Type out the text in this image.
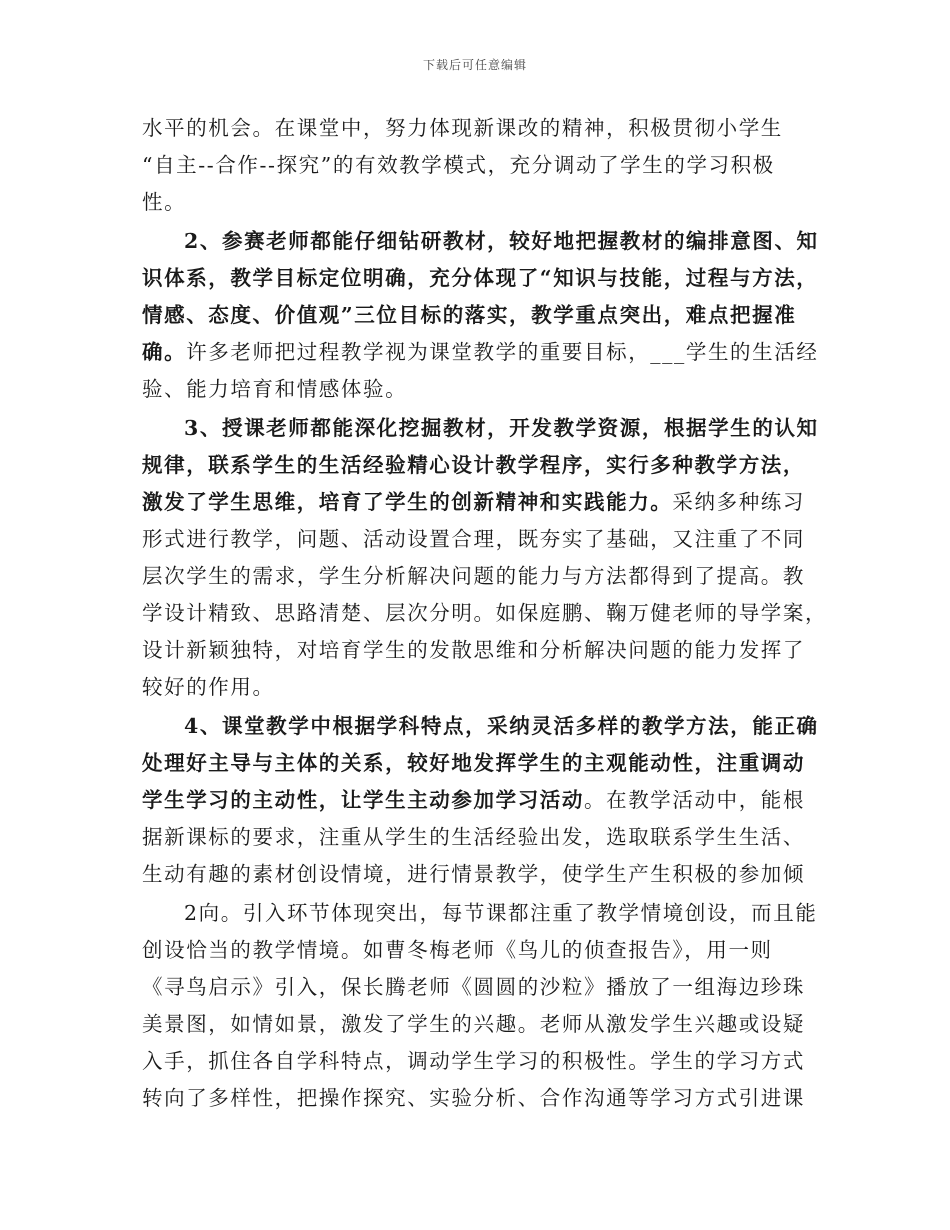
下载后可任意编辑
水平的机会。在课堂中，努力体现新课改的精神，积极贯彻小学生
“自主--合作--探究”的有效教学模式，充分调动了学生的学习积极
性。
2、参赛老师都能仔细钻研教材，较好地把握教材的编排意图、知
识体系，教学目标定位明确，充分体现了“知识与技能，过程与方法，
情感、态度、价值观”三位目标的落实，教学重点突出，难点把握准
确。许多老师把过程教学视为课堂教学的重要目标，___学生的生活经
验、能力培育和情感体验。
3、授课老师都能深化挖掘教材，开发教学资源，根据学生的认知
规律，联系学生的生活经验精心设计教学程序，实行多种教学方法，
激发了学生思维，培育了学生的创新精神和实践能力。采纳多种练习
形式进行教学，问题、活动设置合理，既夯实了基础，又注重了不同
层次学生的需求，学生分析解决问题的能力与方法都得到了提高。教
学设计精致、思路清楚、层次分明。如保庭鹏、鞠万健老师的导学案，
设计新颖独特，对培育学生的发散思维和分析解决问题的能力发挥了
较好的作用。
4、课堂教学中根据学科特点，采纳灵活多样的教学方法，能正确
处理好主导与主体的关系，较好地发挥学生的主观能动性，注重调动
学生学习的主动性，让学生主动参加学习活动。在教学活动中，能根
据新课标的要求，注重从学生的生活经验出发，选取联系学生生活、
生动有趣的素材创设情境，进行情景教学，使学生产生积极的参加倾
2向。引入环节体现突出，每节课都注重了教学情境创设，而且能
创设恰当的教学情境。如曹冬梅老师《鸟儿的侦查报告》，用一则
《寻鸟启示》引入，保长腾老师《圆圆的沙粒》播放了一组海边珍珠
美景图，如情如景，激发了学生的兴趣。老师从激发学生兴趣或设疑
入手，抓住各自学科特点，调动学生学习的积极性。学生的学习方式
转向了多样性，把操作探究、实验分析、合作沟通等学习方式引进课
